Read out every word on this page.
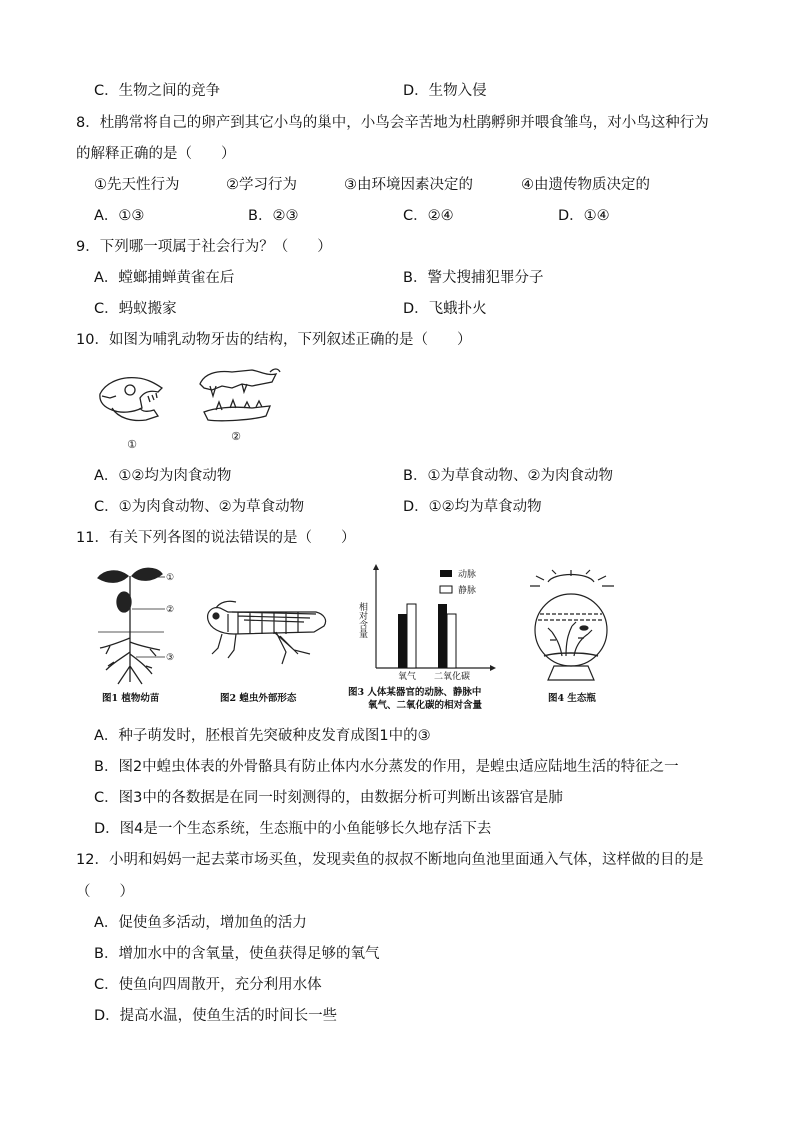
C．生物之间的竞争	D．生物入侵
8．杜鹃常将自己的卵产到其它小鸟的巢中，小鸟会辛苦地为杜鹃孵卵并喂食雏鸟，对小鸟这种行为
的解释正确的是（　　）
①先天性行为	②学习行为	③由环境因素决定的	④由遗传物质决定的
A．①③	B．②③	C．②④	D．①④
9．下列哪一项属于社会行为？（　　）
A．螳螂捕蝉黄雀在后	B．警犬搜捕犯罪分子
C．蚂蚁搬家	D．飞蛾扑火
10．如图为哺乳动物牙齿的结构，下列叙述正确的是（　　）
①
②
A．①②均为肉食动物	B．①为草食动物、②为肉食动物
C．①为肉食动物、②为草食动物	D．①②均为草食动物
11．有关下列各图的说法错误的是（　　）
①
②
③
图1 植物幼苗	图2 蝗虫外部形态
相对含量
动脉
静脉
氧气 二氧化碳
图3 人体某器官的动脉、静脉中
氧气、二氧化碳的相对含量
图4 生态瓶
A．种子萌发时，胚根首先突破种皮发育成图1中的③
B．图2中蝗虫体表的外骨骼具有防止体内水分蒸发的作用，是蝗虫适应陆地生活的特征之一
C．图3中的各数据是在同一时刻测得的，由数据分析可判断出该器官是肺
D．图4是一个生态系统，生态瓶中的小鱼能够长久地存活下去
12．小明和妈妈一起去菜市场买鱼，发现卖鱼的叔叔不断地向鱼池里面通入气体，这样做的目的是
（　　）
A．促使鱼多活动，增加鱼的活力
B．增加水中的含氧量，使鱼获得足够的氧气
C．使鱼向四周散开，充分利用水体
D．提高水温，使鱼生活的时间长一些
